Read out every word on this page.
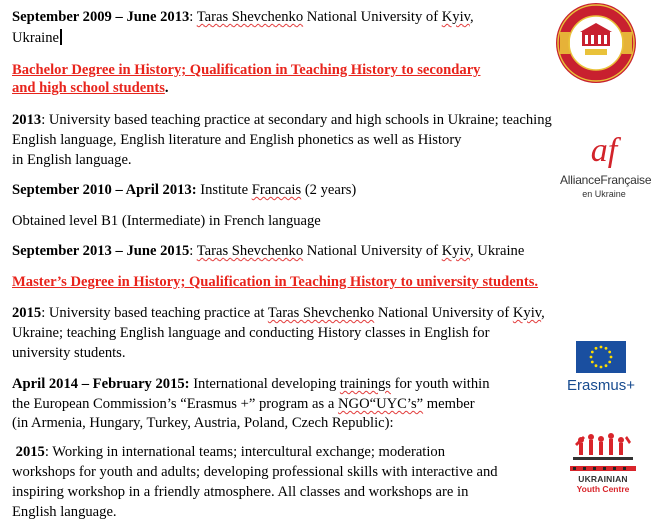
September 2009 – June 2013: Taras Shevchenko National University of Kyiv,

Ukraine

Bachelor Degree in History; Qualification in Teaching History to secondary

and high school students.

2013: University based teaching practice at secondary and high schools in Ukraine; teaching

English language, English literature and English phonetics as well as History

in English language.

September 2010 – April 2013: Institute Francais (2 years)

Obtained level B1 (Intermediate) in French language

September 2013 – June 2015: Taras Shevchenko National University of Kyiv, Ukraine

Master’s Degree in History; Qualification in Teaching History to university students.

2015: University based teaching practice at Taras Shevchenko National University of Kyiv,

Ukraine; teaching English language and conducting History classes in English for

university students.

April 2014 – February 2015: International developing trainings for youth within

the European Commission’s “Erasmus +” program as a NGO“UYC’s” member

(in Armenia, Hungary, Turkey, Austria, Poland, Czech Republic):

2015: Working in international teams; intercultural exchange; moderation

workshops for youth and adults; developing professional skills with interactive and

inspiring workshop in a friendly atmosphere. All classes and workshops are in

English language.

af
AllianceFrançaise
en Ukraine
Erasmus+
UKRAINIAN
Youth Centre
